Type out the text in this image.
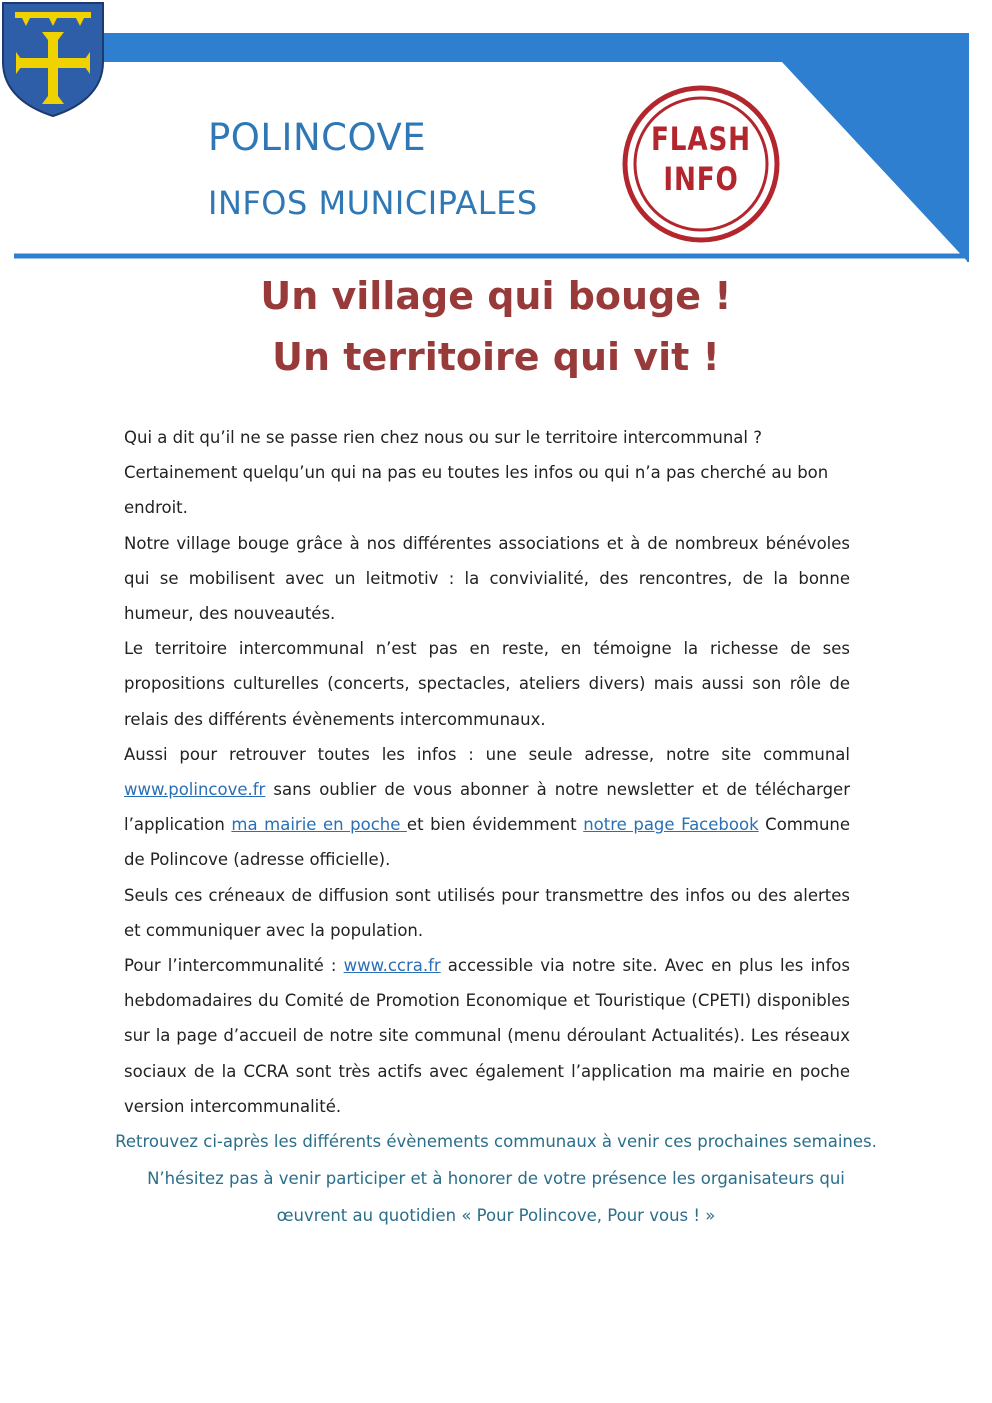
POLINCOVE
INFOS MUNICIPALES
FLASH
INFO
Un village qui bouge !
Un territoire qui vit !

Qui a dit qu’il ne se passe rien chez nous ou sur le territoire intercommunal ?

Certainement quelqu’un qui na pas eu toutes les infos ou qui n’a pas cherché au bon endroit.

Notre village bouge grâce à nos différentes associations et à de nombreux bénévoles qui se mobilisent avec un leitmotiv : la convivialité, des rencontres, de la bonne humeur, des nouveautés.

Le territoire intercommunal n’est pas en reste, en témoigne la richesse de ses propositions culturelles (concerts, spectacles, ateliers divers) mais aussi son rôle de relais des différents évènements intercommunaux.

Aussi pour retrouver toutes les infos : une seule adresse, notre site communal www.polincove.fr sans oublier de vous abonner à notre newsletter et de télécharger l’application ma mairie en poche et bien évidemment notre page Facebook Commune de Polincove (adresse officielle).

Seuls ces créneaux de diffusion sont utilisés pour transmettre des infos ou des alertes et communiquer avec la population.

Pour l’intercommunalité : www.ccra.fr accessible via notre site. Avec en plus les infos hebdomadaires du Comité de Promotion Economique et Touristique (CPETI) disponibles sur la page d’accueil de notre site communal (menu déroulant Actualités). Les réseaux sociaux de la CCRA sont très actifs avec également l’application ma mairie en poche version intercommunalité.

Retrouvez ci-après les différents évènements communaux à venir ces prochaines semaines.

N’hésitez pas à venir participer et à honorer de votre présence les organisateurs qui

œuvrent au quotidien « Pour Polincove, Pour vous ! »
